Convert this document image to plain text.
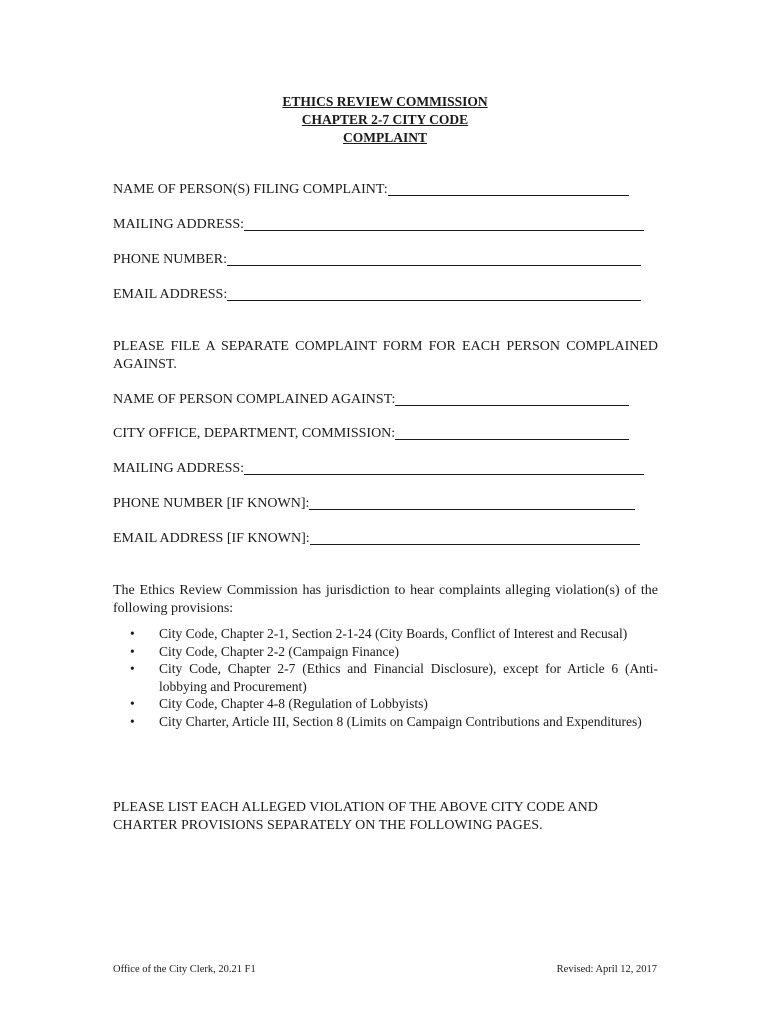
ETHICS REVIEW COMMISSION
CHAPTER 2-7 CITY CODE
COMPLAINT
NAME OF PERSON(S) FILING COMPLAINT:
MAILING ADDRESS:
PHONE NUMBER:
EMAIL ADDRESS:
PLEASE FILE A SEPARATE COMPLAINT FORM FOR EACH PERSON COMPLAINED AGAINST.
NAME OF PERSON COMPLAINED AGAINST:
CITY OFFICE, DEPARTMENT, COMMISSION:
MAILING ADDRESS:
PHONE NUMBER [IF KNOWN]:
EMAIL ADDRESS [IF KNOWN]:
The Ethics Review Commission has jurisdiction to hear complaints alleging violation(s) of the following provisions:
• City Code, Chapter 2-1, Section 2-1-24 (City Boards, Conflict of Interest and Recusal)
• City Code, Chapter 2-2 (Campaign Finance)
• City Code, Chapter 2-7 (Ethics and Financial Disclosure), except for Article 6 (Anti-lobbying and Procurement)
• City Code, Chapter 4-8 (Regulation of Lobbyists)
• City Charter, Article III, Section 8 (Limits on Campaign Contributions and Expenditures)
PLEASE LIST EACH ALLEGED VIOLATION OF THE ABOVE CITY CODE AND CHARTER PROVISIONS SEPARATELY ON THE FOLLOWING PAGES.
Office of the City Clerk, 20.21 F1	Revised: April 12, 2017
